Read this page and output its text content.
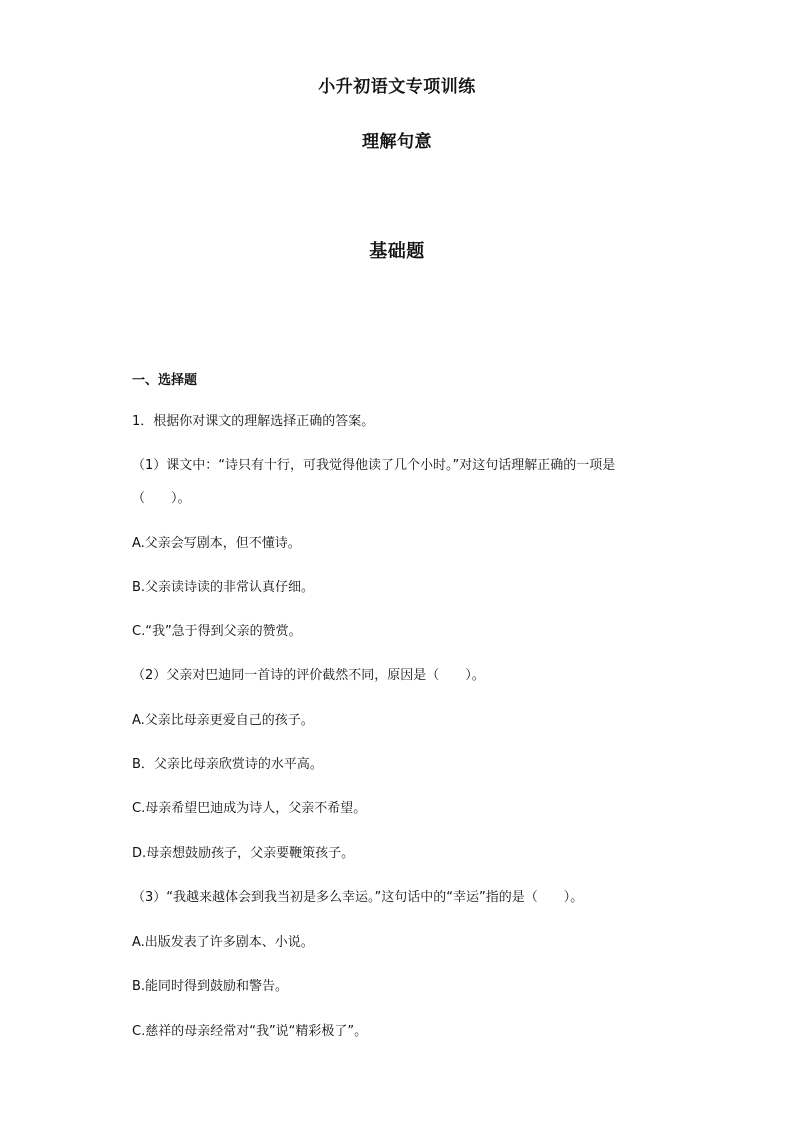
小升初语文专项训练
理解句意
基础题
一、选择题
1．根据你对课文的理解选择正确的答案。
（1）课文中：“诗只有十行，可我觉得他读了几个小时。”对这句话理解正确的一项是
（　　）。
A.父亲会写剧本，但不懂诗。
B.父亲读诗读的非常认真仔细。
C.“我”急于得到父亲的赞赏。
（2）父亲对巴迪同一首诗的评价截然不同，原因是（　　）。
A.父亲比母亲更爱自己的孩子。
B．父亲比母亲欣赏诗的水平高。
C.母亲希望巴迪成为诗人，父亲不希望。
D.母亲想鼓励孩子，父亲要鞭策孩子。
（3）“我越来越体会到我当初是多么幸运。”这句话中的“幸运”指的是（　　）。
A.出版发表了许多剧本、小说。
B.能同时得到鼓励和警告。
C.慈祥的母亲经常对“我”说“精彩极了”。
